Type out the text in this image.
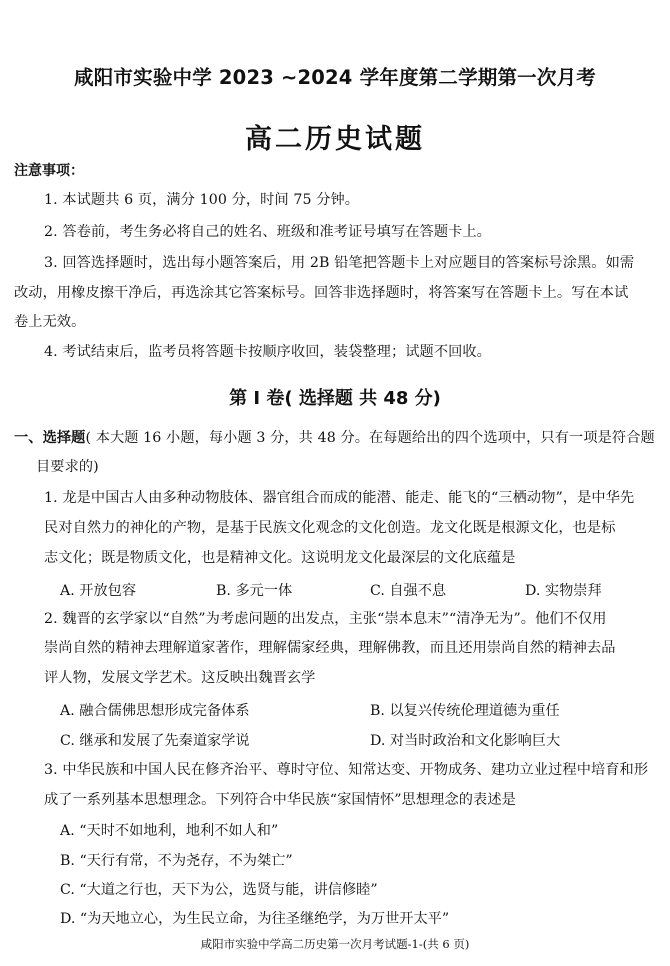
咸阳市实验中学 2023 ~2024 学年度第二学期第一次月考
高二历史试题
注意事项：
1. 本试题共 6 页，满分 100 分，时间 75 分钟。
2. 答卷前，考生务必将自己的姓名、班级和准考证号填写在答题卡上。
3. 回答选择题时，选出每小题答案后，用 2B 铅笔把答题卡上对应题目的答案标号涂黑。如需
改动，用橡皮擦干净后，再选涂其它答案标号。回答非选择题时，将答案写在答题卡上。写在本试
卷上无效。
4. 考试结束后，监考员将答题卡按顺序收回，装袋整理；试题不回收。
第 Ⅰ 卷( 选择题 共 48 分)
一、选择题( 本大题 16 小题，每小题 3 分，共 48 分。在每题给出的四个选项中，只有一项是符合题
目要求的)
1. 龙是中国古人由多种动物肢体、器官组合而成的能潜、能走、能飞的“三栖动物”，是中华先
民对自然力的神化的产物，是基于民族文化观念的文化创造。龙文化既是根源文化，也是标
志文化；既是物质文化，也是精神文化。这说明龙文化最深层的文化底蕴是
A. 开放包容	B. 多元一体	C. 自强不息	D. 实物崇拜
2. 魏晋的玄学家以“自然”为考虑问题的出发点，主张“崇本息末”“清净无为”。他们不仅用
崇尚自然的精神去理解道家著作，理解儒家经典，理解佛教，而且还用崇尚自然的精神去品
评人物，发展文学艺术。这反映出魏晋玄学
A. 融合儒佛思想形成完备体系	B. 以复兴传统伦理道德为重任
C. 继承和发展了先秦道家学说	D. 对当时政治和文化影响巨大
3. 中华民族和中国人民在修齐治平、尊时守位、知常达变、开物成务、建功立业过程中培育和形
成了一系列基本思想理念。下列符合中华民族“家国情怀”思想理念的表述是
A. “天时不如地利，地利不如人和”
B. “天行有常，不为尧存，不为桀亡”
C. “大道之行也，天下为公，选贤与能，讲信修睦”
D. “为天地立心，为生民立命，为往圣继绝学，为万世开太平”
咸阳市实验中学高二历史第一次月考试题-1-(共 6 页)
